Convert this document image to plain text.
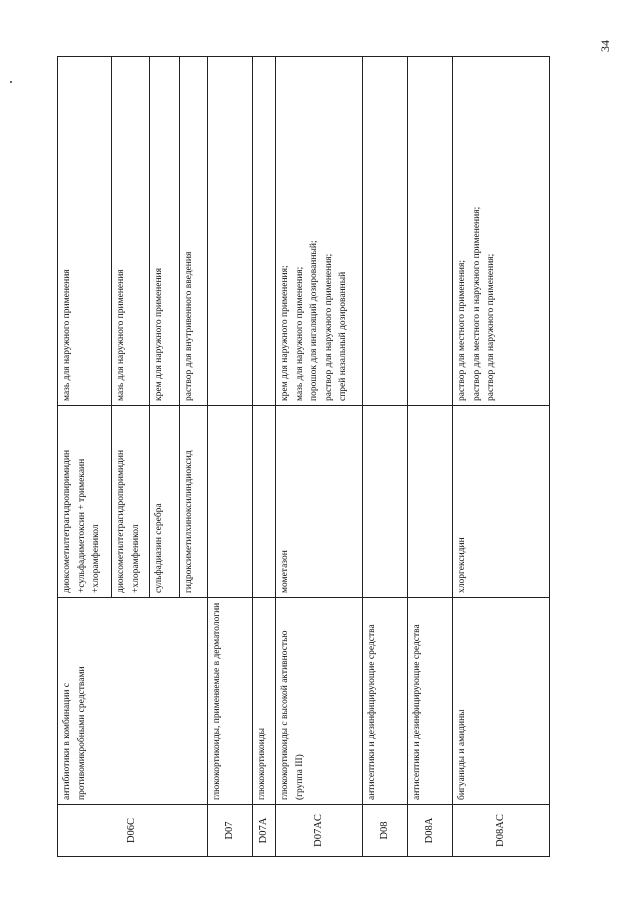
34
D06C	антибиотики в комбинации с противомикробными средствами	диоксометилтетрагидропиримидин +сульфадиметоксин + тримекаин +хлорамфеникол	мазь для наружного применения
		диоксометилтетрагидропиримидин +хлорамфеникол	мазь для наружного применения
		сульфадиазин серебра	крем для наружного применения
		гидроксиметилхиноксилиндиоксид	раствор для внутривенного введения
D07	глюкокортикоиды, применяемые в дерматологии		
D07A	глюкокортикоиды		
D07AC	глюкокортикоиды с высокой активностью (группа III)	мометазон	крем для наружного применения;
мазь для наружного применения;
порошок для ингаляций дозированный;
раствор для наружного применения;
спрей назальный дозированный
D08	антисептики и дезинфицирующие средства		
D08A	антисептики и дезинфицирующие средства		
D08AC	бигуаниды и амидины	хлоргексидин	раствор для местного применения;
раствор для местного и наружного применения;
раствор для наружного применения;
